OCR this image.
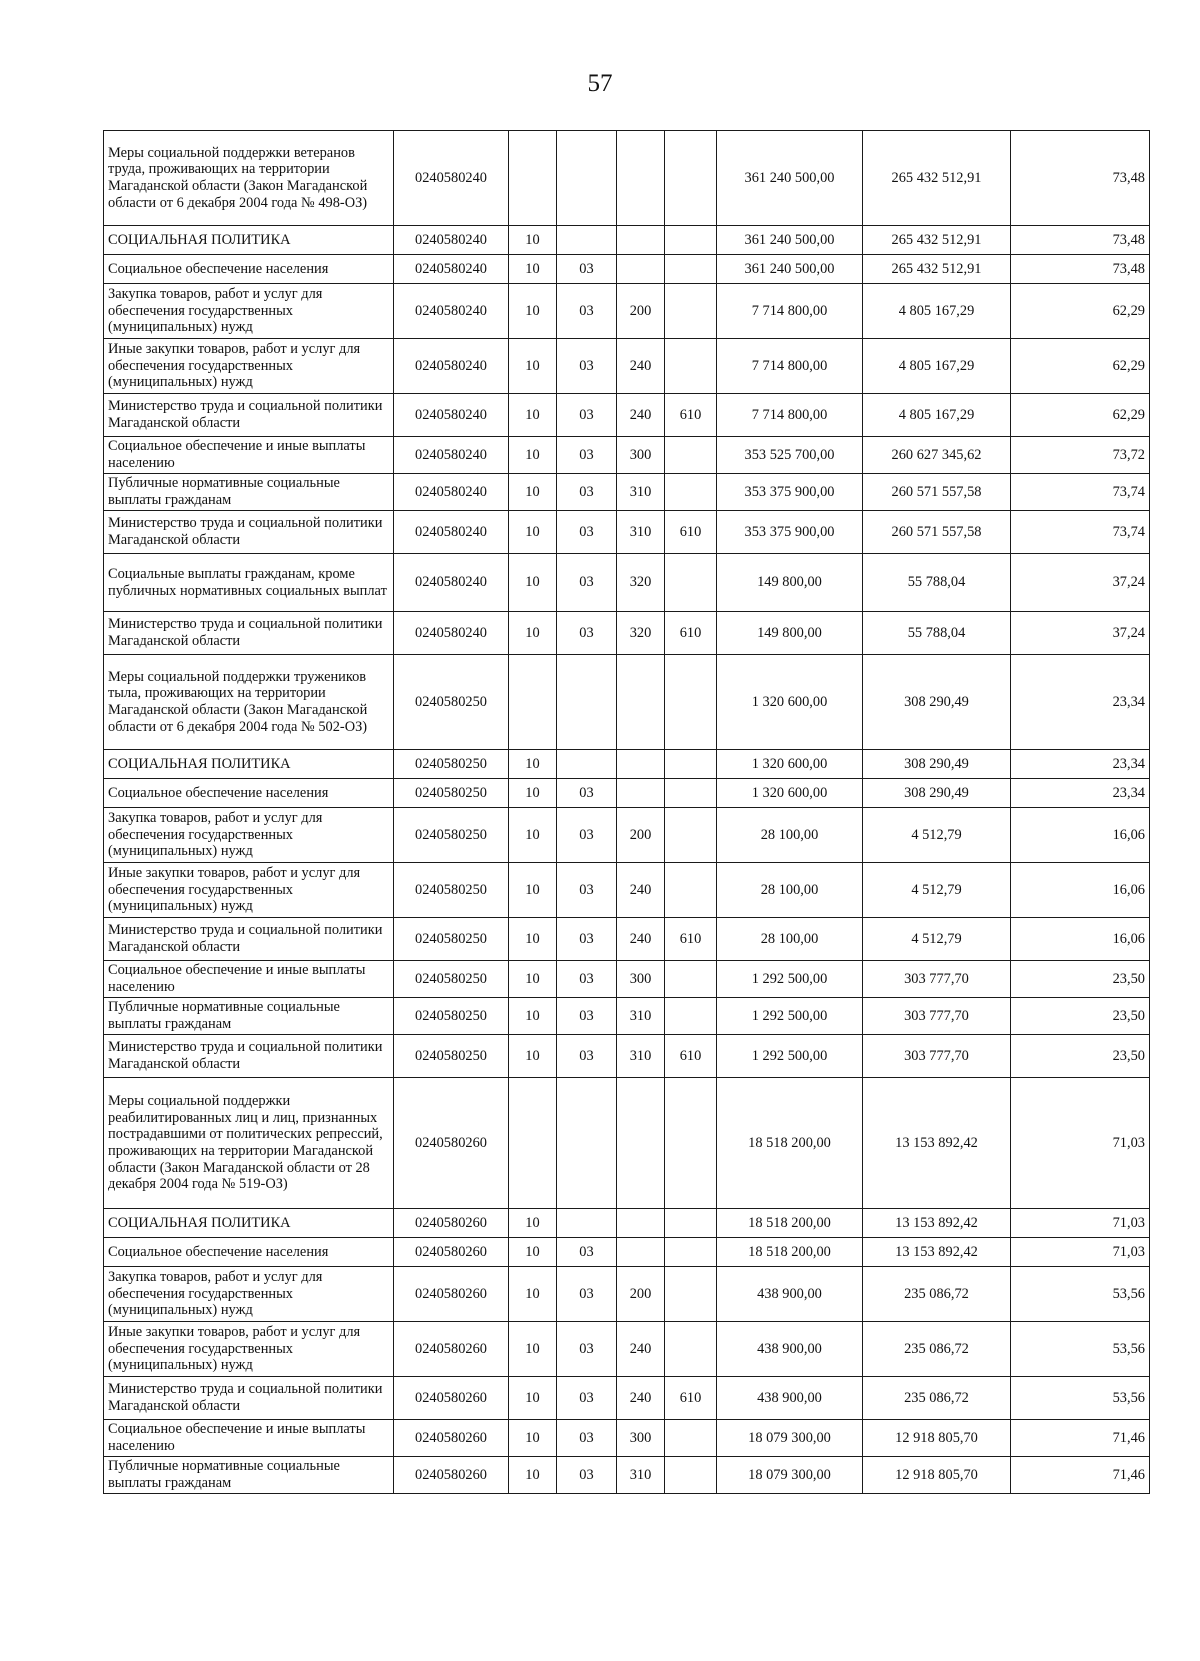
57
Меры социальной поддержки ветеранов труда, проживающих на территории Магаданской области (Закон Магаданской области от 6 декабря 2004 года № 498-ОЗ)	0240580240					361 240 500,00	265 432 512,91	73,48
СОЦИАЛЬНАЯ ПОЛИТИКА	0240580240	10				361 240 500,00	265 432 512,91	73,48
Социальное обеспечение населения	0240580240	10	03			361 240 500,00	265 432 512,91	73,48
Закупка товаров, работ и услуг для обеспечения государственных (муниципальных) нужд	0240580240	10	03	200		7 714 800,00	4 805 167,29	62,29
Иные закупки товаров, работ и услуг для обеспечения государственных (муниципальных) нужд	0240580240	10	03	240		7 714 800,00	4 805 167,29	62,29
Министерство труда и социальной политики Магаданской области	0240580240	10	03	240	610	7 714 800,00	4 805 167,29	62,29
Социальное обеспечение и иные выплаты населению	0240580240	10	03	300		353 525 700,00	260 627 345,62	73,72
Публичные нормативные социальные выплаты гражданам	0240580240	10	03	310		353 375 900,00	260 571 557,58	73,74
Министерство труда и социальной политики Магаданской области	0240580240	10	03	310	610	353 375 900,00	260 571 557,58	73,74
Социальные выплаты гражданам, кроме публичных нормативных социальных выплат	0240580240	10	03	320		149 800,00	55 788,04	37,24
Министерство труда и социальной политики Магаданской области	0240580240	10	03	320	610	149 800,00	55 788,04	37,24
Меры социальной поддержки тружеников тыла, проживающих на территории Магаданской области (Закон Магаданской области от 6 декабря 2004 года № 502-ОЗ)	0240580250					1 320 600,00	308 290,49	23,34
СОЦИАЛЬНАЯ ПОЛИТИКА	0240580250	10				1 320 600,00	308 290,49	23,34
Социальное обеспечение населения	0240580250	10	03			1 320 600,00	308 290,49	23,34
Закупка товаров, работ и услуг для обеспечения государственных (муниципальных) нужд	0240580250	10	03	200		28 100,00	4 512,79	16,06
Иные закупки товаров, работ и услуг для обеспечения государственных (муниципальных) нужд	0240580250	10	03	240		28 100,00	4 512,79	16,06
Министерство труда и социальной политики Магаданской области	0240580250	10	03	240	610	28 100,00	4 512,79	16,06
Социальное обеспечение и иные выплаты населению	0240580250	10	03	300		1 292 500,00	303 777,70	23,50
Публичные нормативные социальные выплаты гражданам	0240580250	10	03	310		1 292 500,00	303 777,70	23,50
Министерство труда и социальной политики Магаданской области	0240580250	10	03	310	610	1 292 500,00	303 777,70	23,50
Меры социальной поддержки реабилитированных лиц и лиц, признанных пострадавшими от политических репрессий, проживающих на территории Магаданской области (Закон Магаданской области от 28 декабря 2004 года № 519-ОЗ)	0240580260					18 518 200,00	13 153 892,42	71,03
СОЦИАЛЬНАЯ ПОЛИТИКА	0240580260	10				18 518 200,00	13 153 892,42	71,03
Социальное обеспечение населения	0240580260	10	03			18 518 200,00	13 153 892,42	71,03
Закупка товаров, работ и услуг для обеспечения государственных (муниципальных) нужд	0240580260	10	03	200		438 900,00	235 086,72	53,56
Иные закупки товаров, работ и услуг для обеспечения государственных (муниципальных) нужд	0240580260	10	03	240		438 900,00	235 086,72	53,56
Министерство труда и социальной политики Магаданской области	0240580260	10	03	240	610	438 900,00	235 086,72	53,56
Социальное обеспечение и иные выплаты населению	0240580260	10	03	300		18 079 300,00	12 918 805,70	71,46
Публичные нормативные социальные выплаты гражданам	0240580260	10	03	310		18 079 300,00	12 918 805,70	71,46
